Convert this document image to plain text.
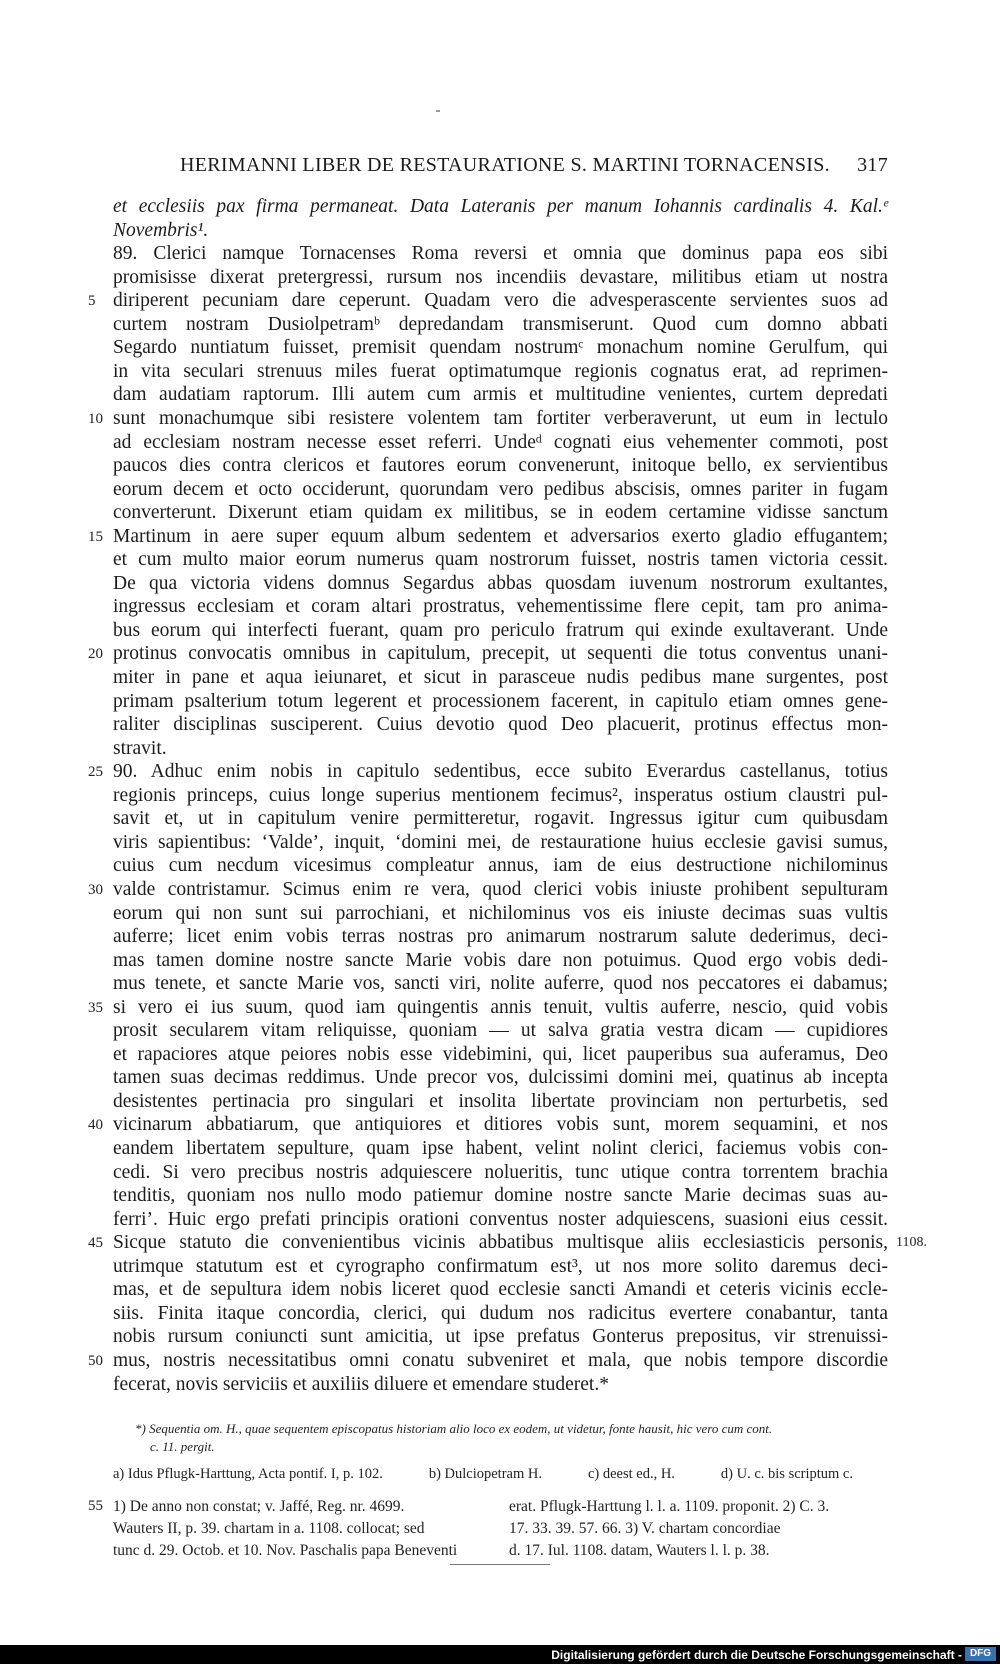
HERIMANNI LIBER DE RESTAURATIONE S. MARTINI TORNACENSIS. 317
et ecclesiis pax firma permaneat. Data Lateranis per manum Iohannis cardinalis 4. Kal.ᵉ
Novembris¹.
89. Clerici namque Tornacenses Roma reversi et omnia que dominus papa eos sibi
promisisse dixerat pretergressi, rursum nos incendiis devastare, militibus etiam ut nostra
diriperent pecuniam dare ceperunt. Quadam vero die advesperascente servientes suos ad
5
curtem nostram Dusiolpetramᵇ depredandam transmiserunt. Quod cum domno abbati
Segardo nuntiatum fuisset, premisit quendam nostrumᶜ monachum nomine Gerulfum, qui
in vita seculari strenuus miles fuerat optimatumque regionis cognatus erat, ad reprimen-
dam audatiam raptorum. Illi autem cum armis et multitudine venientes, curtem depredati
sunt monachumque sibi resistere volentem tam fortiter verberaverunt, ut eum in lectulo
10
ad ecclesiam nostram necesse esset referri. Undeᵈ cognati eius vehementer commoti, post
paucos dies contra clericos et fautores eorum convenerunt, initoque bello, ex servientibus
eorum decem et octo occiderunt, quorundam vero pedibus abscisis, omnes pariter in fugam
converterunt. Dixerunt etiam quidam ex militibus, se in eodem certamine vidisse sanctum
Martinum in aere super equum album sedentem et adversarios exerto gladio effugantem;
15
et cum multo maior eorum numerus quam nostrorum fuisset, nostris tamen victoria cessit.
De qua victoria videns domnus Segardus abbas quosdam iuvenum nostrorum exultantes,
ingressus ecclesiam et coram altari prostratus, vehementissime flere cepit, tam pro anima-
bus eorum qui interfecti fuerant, quam pro periculo fratrum qui exinde exultaverant. Unde
protinus convocatis omnibus in capitulum, precepit, ut sequenti die totus conventus unani-
20
miter in pane et aqua ieiunaret, et sicut in parasceue nudis pedibus mane surgentes, post
primam psalterium totum legerent et processionem facerent, in capitulo etiam omnes gene-
raliter disciplinas susciperent. Cuius devotio quod Deo placuerit, protinus effectus mon-
stravit.
90. Adhuc enim nobis in capitulo sedentibus, ecce subito Everardus castellanus, totius
25
regionis princeps, cuius longe superius mentionem fecimus², insperatus ostium claustri pul-
savit et, ut in capitulum venire permitteretur, rogavit. Ingressus igitur cum quibusdam
viris sapientibus: ‘Valde’, inquit, ‘domini mei, de restauratione huius ecclesie gavisi sumus,
cuius cum necdum vicesimus compleatur annus, iam de eius destructione nichilominus
valde contristamur. Scimus enim re vera, quod clerici vobis iniuste prohibent sepulturam
30
eorum qui non sunt sui parrochiani, et nichilominus vos eis iniuste decimas suas vultis
auferre; licet enim vobis terras nostras pro animarum nostrarum salute dederimus, deci-
mas tamen domine nostre sancte Marie vobis dare non potuimus. Quod ergo vobis dedi-
mus tenete, et sancte Marie vos, sancti viri, nolite auferre, quod nos peccatores ei dabamus;
si vero ei ius suum, quod iam quingentis annis tenuit, vultis auferre, nescio, quid vobis
35
prosit secularem vitam reliquisse, quoniam — ut salva gratia vestra dicam — cupidiores
et rapaciores atque peiores nobis esse videbimini, qui, licet pauperibus sua auferamus, Deo
tamen suas decimas reddimus. Unde precor vos, dulcissimi domini mei, quatinus ab incepta
desistentes pertinacia pro singulari et insolita libertate provinciam non perturbetis, sed
vicinarum abbatiarum, que antiquiores et ditiores vobis sunt, morem sequamini, et nos
40
eandem libertatem sepulture, quam ipse habent, velint nolint clerici, faciemus vobis con-
cedi. Si vero precibus nostris adquiescere nolueritis, tunc utique contra torrentem brachia
tenditis, quoniam nos nullo modo patiemur domine nostre sancte Marie decimas suas au-
ferri’. Huic ergo prefati principis orationi conventus noster adquiescens, suasioni eius cessit.
Sicque statuto die convenientibus vicinis abbatibus multisque aliis ecclesiasticis personis,
45	1108.
utrimque statutum est et cyrographo confirmatum est³, ut nos more solito daremus deci-
mas, et de sepultura idem nobis liceret quod ecclesie sancti Amandi et ceteris vicinis eccle-
siis. Finita itaque concordia, clerici, qui dudum nos radicitus evertere conabantur, tanta
nobis rursum coniuncti sunt amicitia, ut ipse prefatus Gonterus prepositus, vir strenuissi-
mus, nostris necessitatibus omni conatu subveniret et mala, que nobis tempore discordie
50
fecerat, novis serviciis et auxiliis diluere et emendare studeret.*
*) Sequentia om. H., quae sequentem episcopatus historiam alio loco ex eodem, ut videtur, fonte hausit, hic vero cum cont.
c. 11. pergit.
a) Idus Pflugk-Harttung, Acta pontif. I, p. 102.	b) Dulciopetram H.	c) deest ed., H.	d) U. c. bis scriptum c.
55 1) De anno non constat; v. Jaffé, Reg. nr. 4699.
Wauters II, p. 39. chartam in a. 1108. collocat; sed
tunc d. 29. Octob. et 10. Nov. Paschalis papa Beneventi
erat. Pflugk-Harttung l. l. a. 1109. proponit. 2) C. 3.
17. 33. 39. 57. 66. 3) V. chartam concordiae
d. 17. Iul. 1108. datam, Wauters l. l. p. 38.
Digitalisierung gefördert durch die Deutsche Forschungsgemeinschaft - DFG
